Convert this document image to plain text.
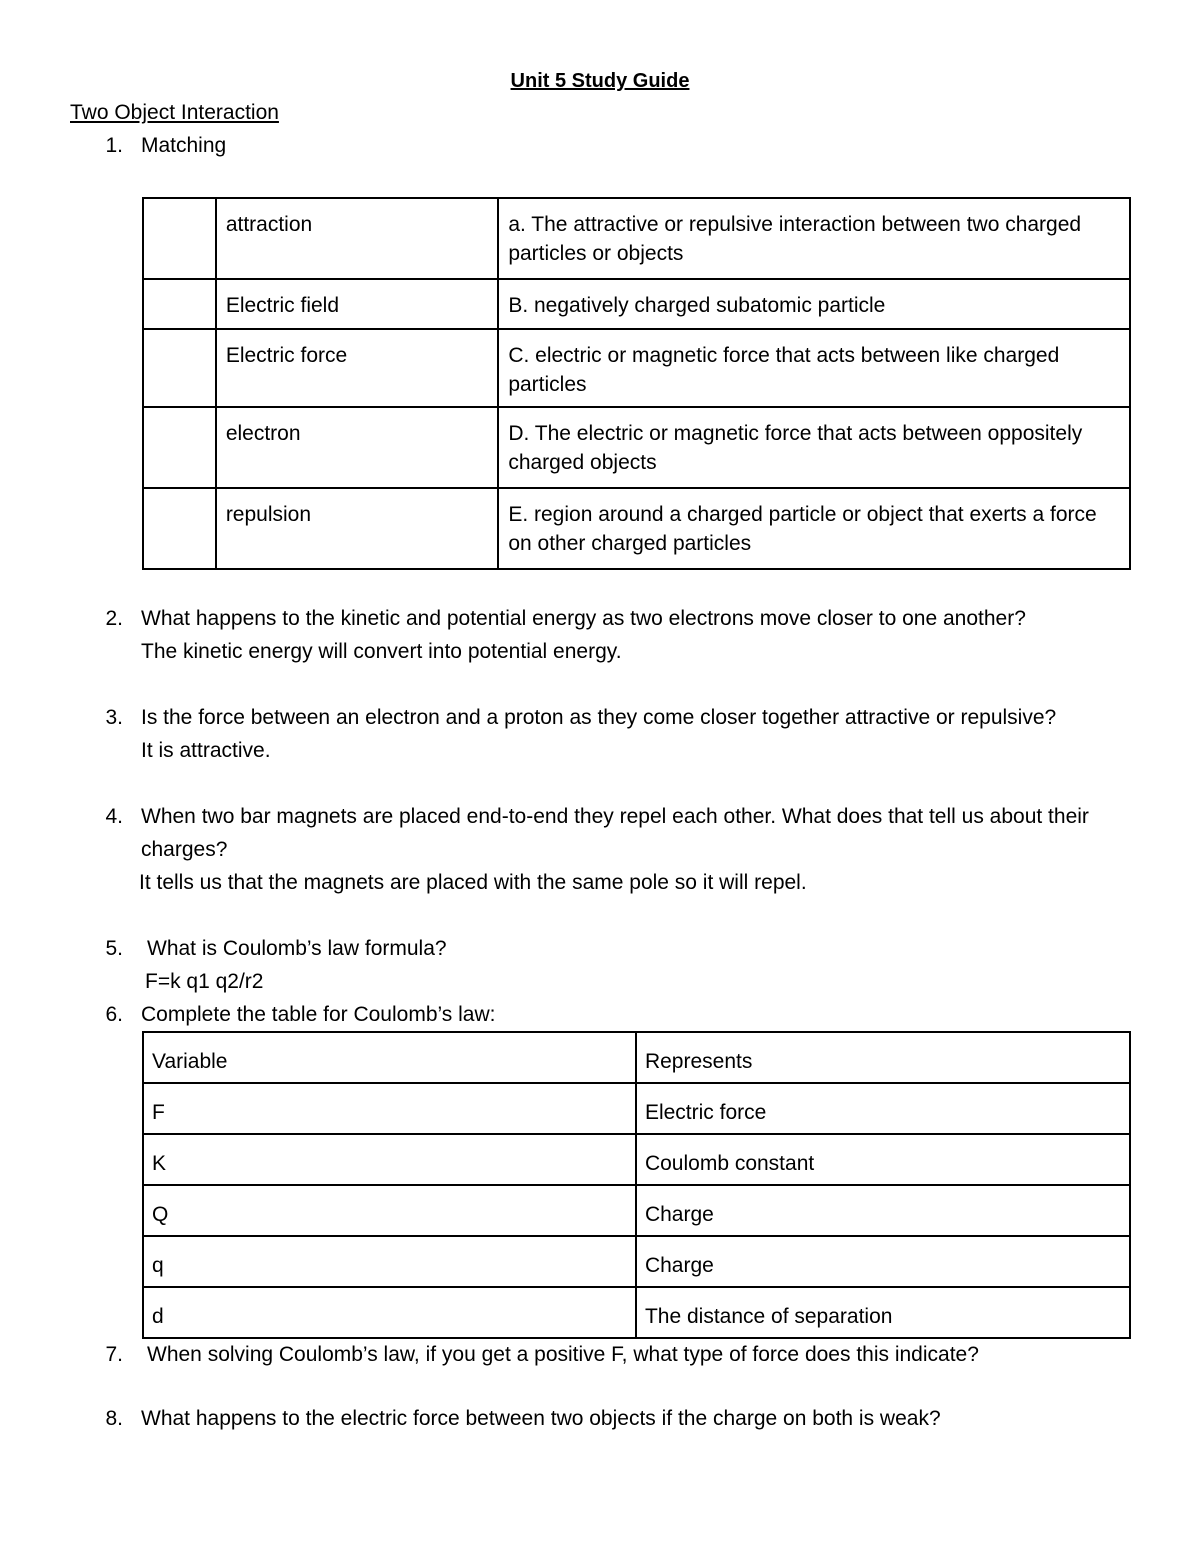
Unit 5 Study Guide
Two Object Interaction
1. Matching
	attraction	a. The attractive or repulsive interaction between two charged particles or objects
	Electric field	B. negatively charged subatomic particle
	Electric force	C. electric or magnetic force that acts between like charged particles
	electron	D. The electric or magnetic force that acts between oppositely charged objects
	repulsion	E. region around a charged particle or object that exerts a force on other charged particles
2. What happens to the kinetic and potential energy as two electrons move closer to one another?
The kinetic energy will convert into potential energy.
3. Is the force between an electron and a proton as they come closer together attractive or repulsive?
It is attractive.
4. When two bar magnets are placed end-to-end they repel each other. What does that tell us about their
charges?
It tells us that the magnets are placed with the same pole so it will repel.
5. What is Coulomb’s law formula?
F=k q1 q2/r2
6. Complete the table for Coulomb’s law:
Variable	Represents
F	Electric force
K	Coulomb constant
Q	Charge
q	Charge
d	The distance of separation
7. When solving Coulomb’s law, if you get a positive F, what type of force does this indicate?
8. What happens to the electric force between two objects if the charge on both is weak?
